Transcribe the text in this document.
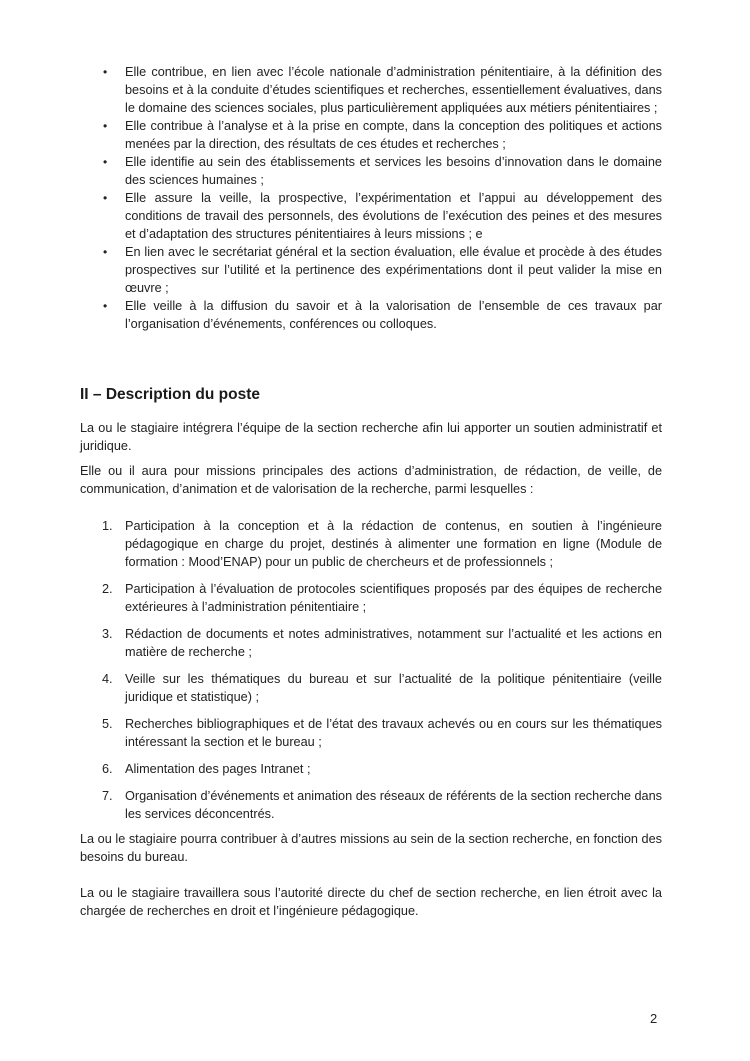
• Elle contribue, en lien avec l’école nationale d’administration pénitentiaire, à la définition des besoins et à la conduite d’études scientifiques et recherches, essentiellement évaluatives, dans le domaine des sciences sociales, plus particulièrement appliquées aux métiers pénitentiaires ;
• Elle contribue à l’analyse et à la prise en compte, dans la conception des politiques et actions menées par la direction, des résultats de ces études et recherches ;
• Elle identifie au sein des établissements et services les besoins d’innovation dans le domaine des sciences humaines ;
• Elle assure la veille, la prospective, l’expérimentation et l’appui au développement des conditions de travail des personnels, des évolutions de l’exécution des peines et des mesures et d’adaptation des structures pénitentiaires à leurs missions ; e
• En lien avec le secrétariat général et la section évaluation, elle évalue et procède à des études prospectives sur l’utilité et la pertinence des expérimentations dont il peut valider la mise en œuvre ;
• Elle veille à la diffusion du savoir et à la valorisation de l’ensemble de ces travaux par l’organisation d’événements, conférences ou colloques.
II – Description du poste

La ou le stagiaire intégrera l’équipe de la section recherche afin lui apporter un soutien administratif et juridique.

Elle ou il aura pour missions principales des actions d’administration, de rédaction, de veille, de communication, d’animation et de valorisation de la recherche, parmi lesquelles :

1. Participation à la conception et à la rédaction de contenus, en soutien à l’ingénieure pédagogique en charge du projet, destinés à alimenter une formation en ligne (Module de formation : Mood’ENAP) pour un public de chercheurs et de professionnels ;
2. Participation à l’évaluation de protocoles scientifiques proposés par des équipes de recherche extérieures à l’administration pénitentiaire ;
3. Rédaction de documents et notes administratives, notamment sur l’actualité et les actions en matière de recherche ;
4. Veille sur les thématiques du bureau et sur l’actualité de la politique pénitentiaire (veille juridique et statistique) ;
5. Recherches bibliographiques et de l’état des travaux achevés ou en cours sur les thématiques intéressant la section et le bureau ;
6. Alimentation des pages Intranet ;
7. Organisation d’événements et animation des réseaux de référents de la section recherche dans les services déconcentrés.

La ou le stagiaire pourra contribuer à d’autres missions au sein de la section recherche, en fonction des besoins du bureau.

La ou le stagiaire travaillera sous l’autorité directe du chef de section recherche, en lien étroit avec la chargée de recherches en droit et l’ingénieure pédagogique.

2
